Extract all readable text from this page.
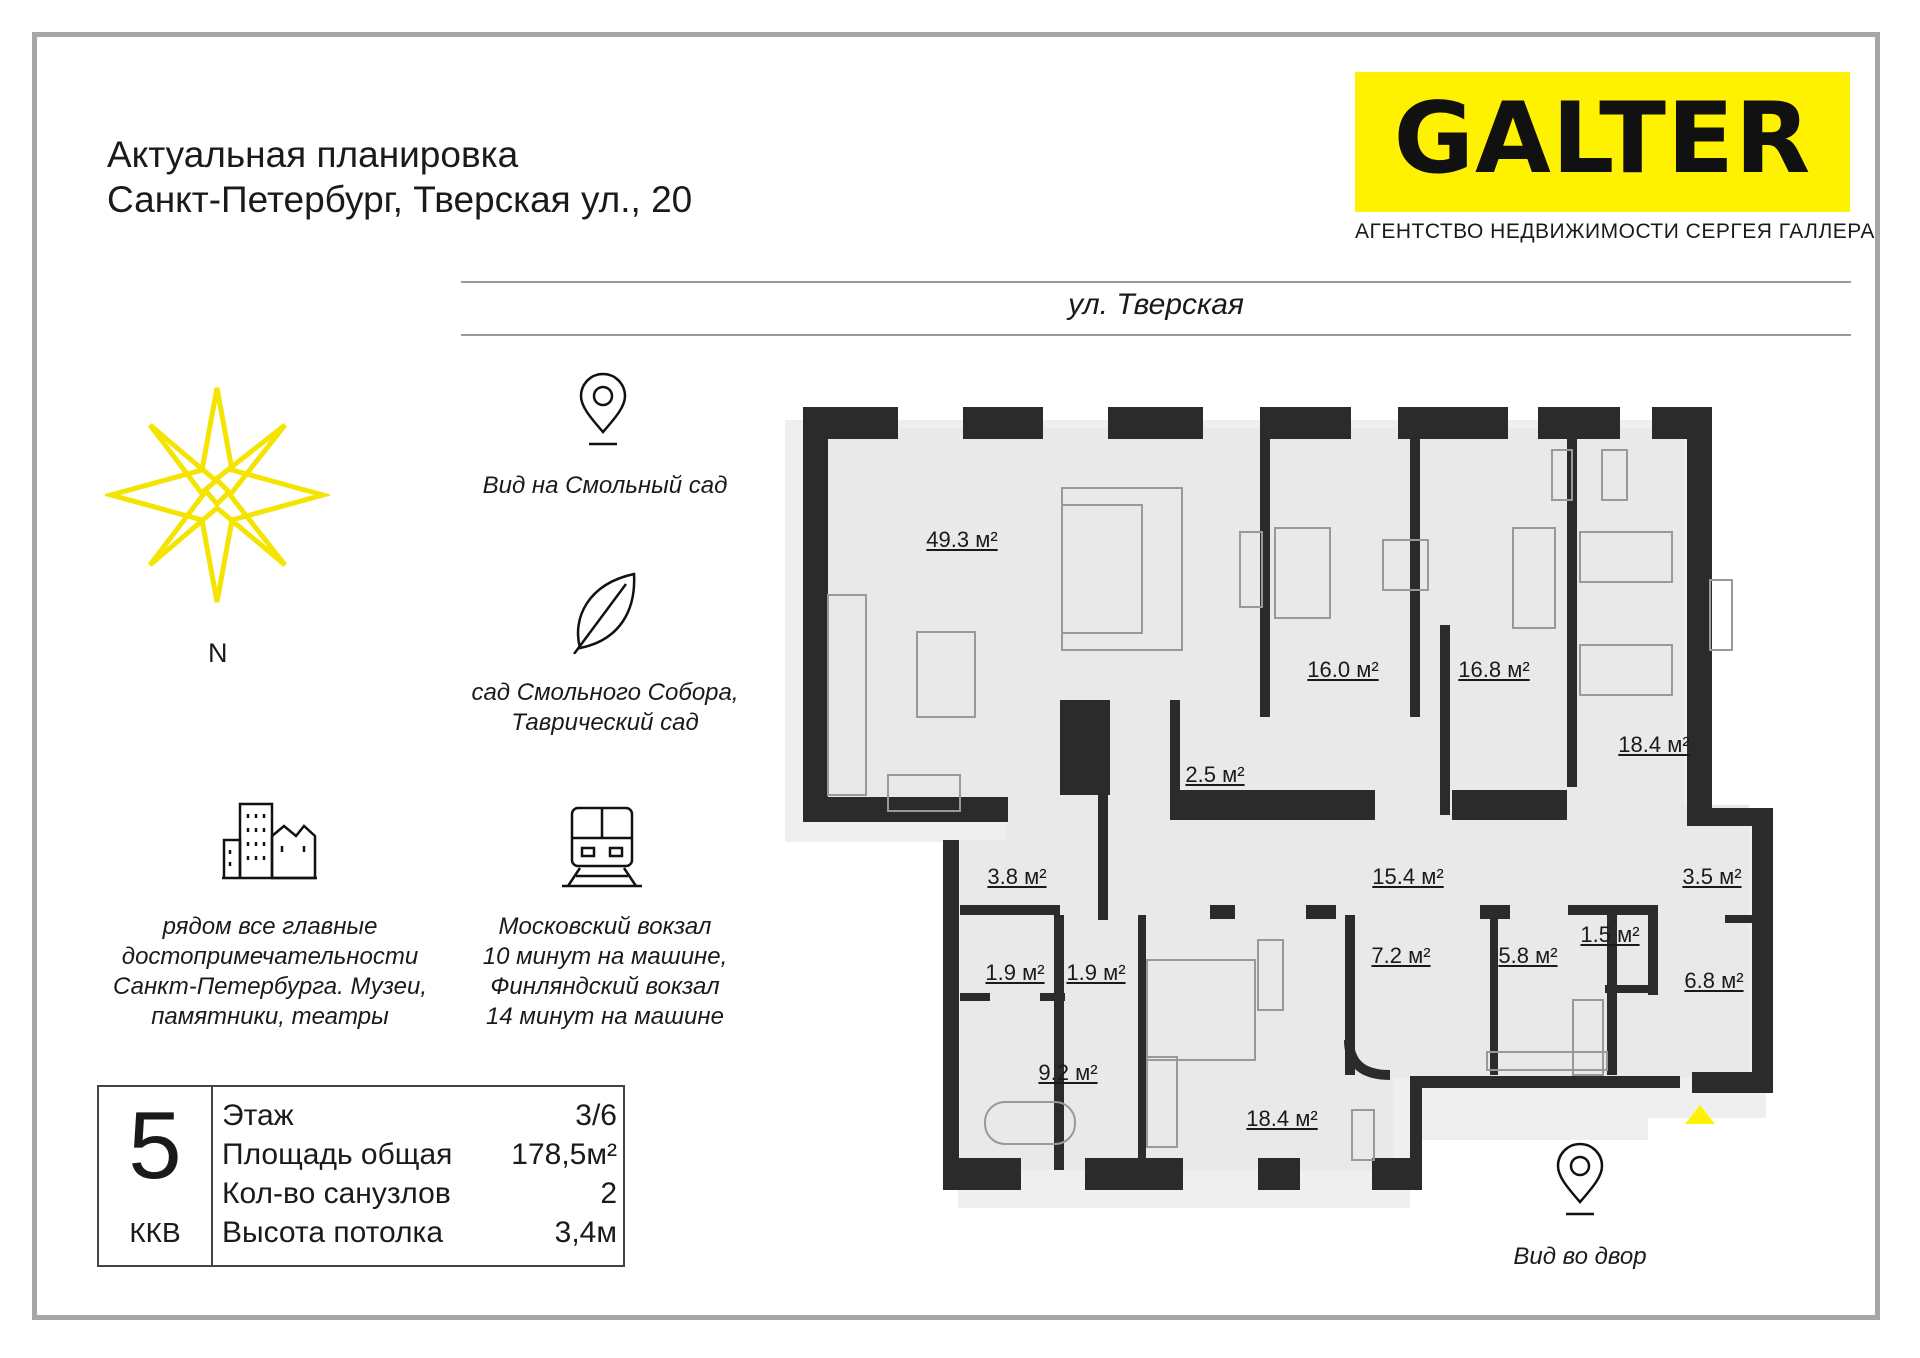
Актуальная планировка
Санкт-Петербург, Тверская ул., 20
GALTER
АГЕНТСТВО НЕДВИЖИМОСТИ СЕРГЕЯ ГАЛЛЕРА
ул. Тверская
N
Вид на Смольный сад
сад Смольного Собора,
Таврический сад
рядом все главные
достопримечательности
Санкт-Петербурга. Музеи,
памятники, театры
Московский вокзал
10 минут на машине,
Финляндский вокзал
14 минут на машине
5
ККВ
Этаж	3/6
Площадь общая 178,5м²
Кол-во санузлов	2
Высота потолка	3,4м
49.3 м²
16.0 м²	16.8 м²
18.4 м²
2.5 м²
3.8 м²	15.4 м²	3.5 м²
1.9 м² 1.9 м²
7.2 м²	5.8 м²
1.5 м²
6.8 м²
9.2 м²
18.4 м²
Вид во двор
